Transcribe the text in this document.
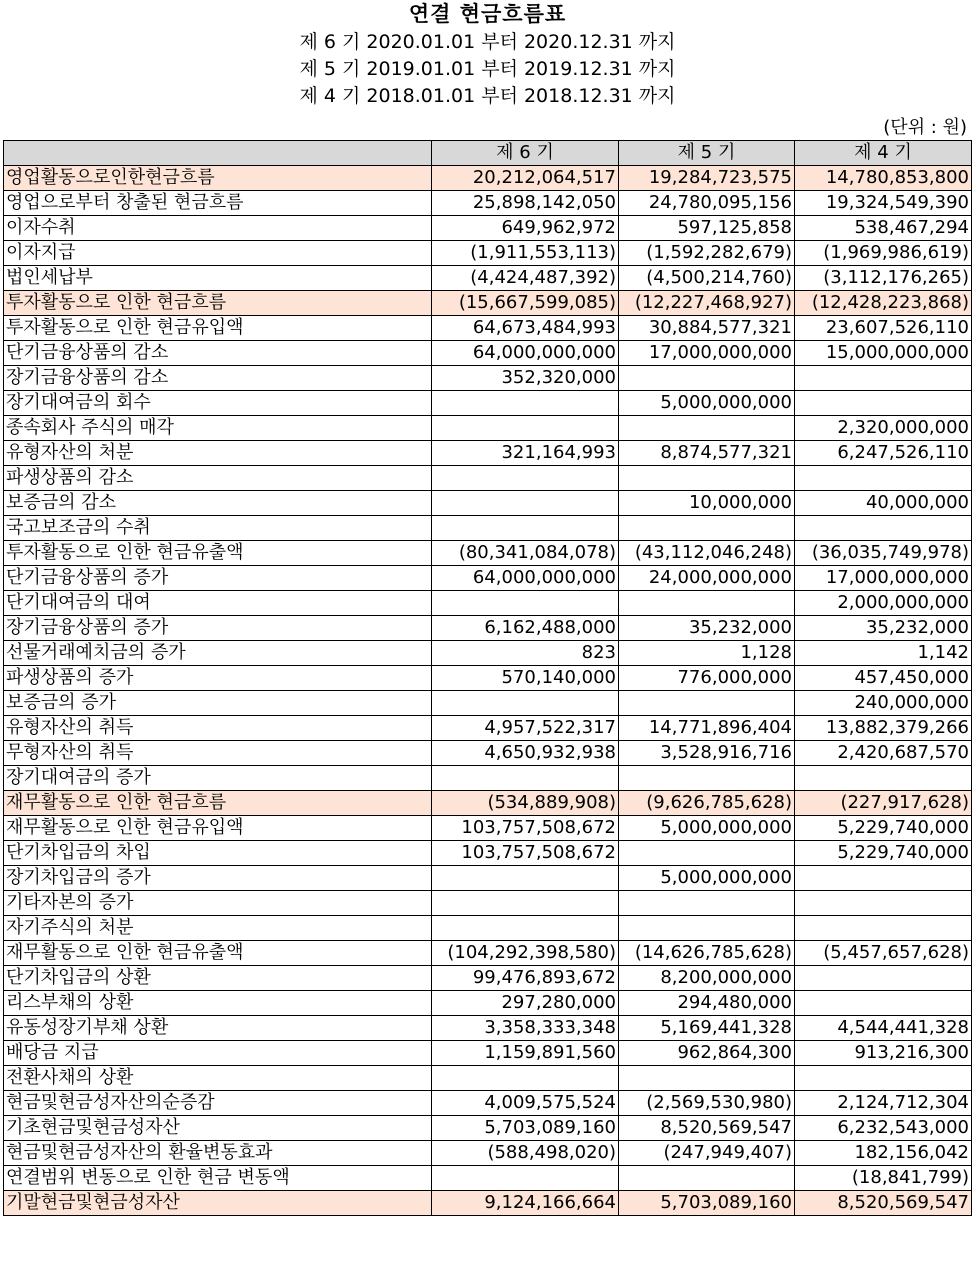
연결 현금흐름표
제 6 기 2020.01.01 부터 2020.12.31 까지
제 5 기 2019.01.01 부터 2019.12.31 까지
제 4 기 2018.01.01 부터 2018.12.31 까지
(단위 : 원)
	제 6 기	제 5 기	제 4 기
영업활동으로인한현금흐름	20,212,064,517	19,284,723,575	14,780,853,800
영업으로부터 창출된 현금흐름	25,898,142,050	24,780,095,156	19,324,549,390
이자수취	649,962,972	597,125,858	538,467,294
이자지급	(1,911,553,113)	(1,592,282,679)	(1,969,986,619)
법인세납부	(4,424,487,392)	(4,500,214,760)	(3,112,176,265)
투자활동으로 인한 현금흐름	(15,667,599,085)	(12,227,468,927)	(12,428,223,868)
투자활동으로 인한 현금유입액	64,673,484,993	30,884,577,321	23,607,526,110
단기금융상품의 감소	64,000,000,000	17,000,000,000	15,000,000,000
장기금융상품의 감소	352,320,000		
장기대여금의 회수		5,000,000,000	
종속회사 주식의 매각			2,320,000,000
유형자산의 처분	321,164,993	8,874,577,321	6,247,526,110
파생상품의 감소			
보증금의 감소		10,000,000	40,000,000
국고보조금의 수취			
투자활동으로 인한 현금유출액	(80,341,084,078)	(43,112,046,248)	(36,035,749,978)
단기금융상품의 증가	64,000,000,000	24,000,000,000	17,000,000,000
단기대여금의 대여			2,000,000,000
장기금융상품의 증가	6,162,488,000	35,232,000	35,232,000
선물거래예치금의 증가	823	1,128	1,142
파생상품의 증가	570,140,000	776,000,000	457,450,000
보증금의 증가			240,000,000
유형자산의 취득	4,957,522,317	14,771,896,404	13,882,379,266
무형자산의 취득	4,650,932,938	3,528,916,716	2,420,687,570
장기대여금의 증가			
재무활동으로 인한 현금흐름	(534,889,908)	(9,626,785,628)	(227,917,628)
재무활동으로 인한 현금유입액	103,757,508,672	5,000,000,000	5,229,740,000
단기차입금의 차입	103,757,508,672		5,229,740,000
장기차입금의 증가		5,000,000,000	
기타자본의 증가			
자기주식의 처분			
재무활동으로 인한 현금유출액	(104,292,398,580)	(14,626,785,628)	(5,457,657,628)
단기차입금의 상환	99,476,893,672	8,200,000,000	
리스부채의 상환	297,280,000	294,480,000	
유동성장기부채 상환	3,358,333,348	5,169,441,328	4,544,441,328
배당금 지급	1,159,891,560	962,864,300	913,216,300
전환사채의 상환			
현금및현금성자산의순증감	4,009,575,524	(2,569,530,980)	2,124,712,304
기초현금및현금성자산	5,703,089,160	8,520,569,547	6,232,543,000
현금및현금성자산의 환율변동효과	(588,498,020)	(247,949,407)	182,156,042
연결범위 변동으로 인한 현금 변동액			(18,841,799)
기말현금및현금성자산	9,124,166,664	5,703,089,160	8,520,569,547
